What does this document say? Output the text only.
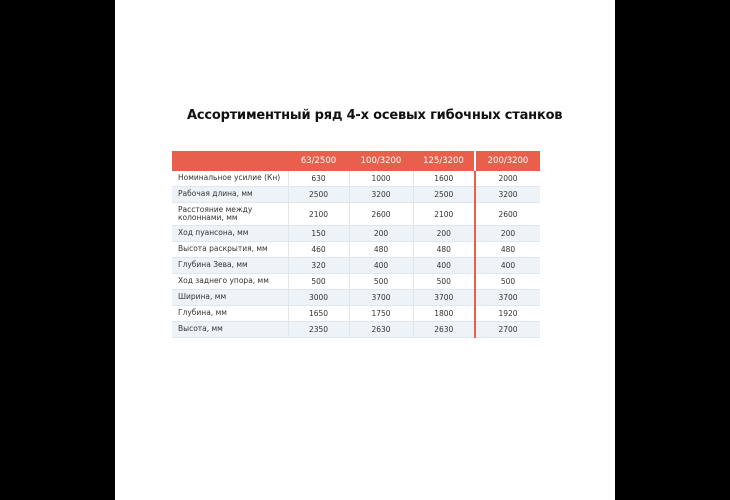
Ассортиментный ряд 4-х осевых гибочных станков
	63/2500	100/3200	125/3200	200/3200
Номинальное усилие (Кн)	630	1000	1600	2000
Рабочая длина, мм	2500	3200	2500	3200
Расстояние между колоннами, мм	2100	2600	2100	2600
Ход пуансона, мм	150	200	200	200
Высота раскрытия, мм	460	480	480	480
Глубина Зева, мм	320	400	400	400
Ход заднего упора, мм	500	500	500	500
Ширина, мм	3000	3700	3700	3700
Глубина, мм	1650	1750	1800	1920
Высота, мм	2350	2630	2630	2700
